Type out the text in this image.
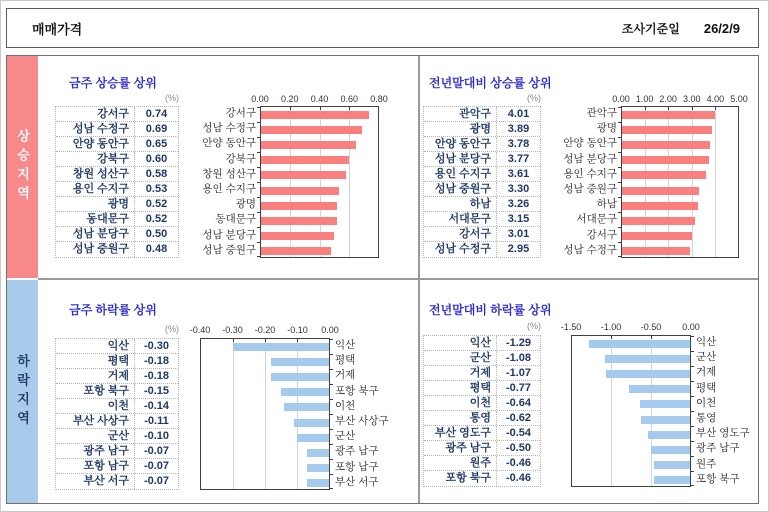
매매가격	조사기준일 26/2/9
상승지역
하락지역
금주 상승률 상위
(%)
강서구	0.74
성남 수정구	0.69
안양 동안구	0.65
강북구	0.60
창원 성산구	0.58
용인 수지구	0.53
광명	0.52
동대문구	0.52
성남 분당구	0.50
성남 중원구	0.48
0.00 0.20 0.40 0.60 0.80
강서구
성남 수정구
안양 동안구
강북구
창원 성산구
용인 수지구
광명
동대문구
성남 분당구
성남 중원구
전년말대비 상승률 상위
(%)
관악구	4.01
광명	3.89
안양 동안구	3.78
성남 분당구	3.77
용인 수지구	3.61
성남 중원구	3.30
하남	3.26
서대문구	3.15
강서구	3.01
성남 수정구	2.95
0.00 1.00 2.00 3.00 4.00 5.00
관악구
광명
안양 동안구
성남 분당구
용인 수지구
성남 중원구
하남
서대문구
강서구
성남 수정구
금주 하락률 상위
(%)
익산	-0.30
평택	-0.18
거제	-0.18
포항 북구	-0.15
이천	-0.14
부산 사상구	-0.11
군산	-0.10
광주 남구	-0.07
포항 남구	-0.07
부산 서구	-0.07
-0.40 -0.30 -0.20 -0.10 0.00
익산
평택
거제
포항 북구
이천
부산 사상구
군산
광주 남구
포항 남구
부산 서구
전년말대비 하락률 상위
(%)
익산	-1.29
군산	-1.08
거제	-1.07
평택	-0.77
이천	-0.64
통영	-0.62
부산 영도구	-0.54
광주 남구	-0.50
원주	-0.46
포항 북구	-0.46
-1.50 -1.00 -0.50 0.00
익산
군산
거제
평택
이천
통영
부산 영도구
광주 남구
원주
포항 북구
